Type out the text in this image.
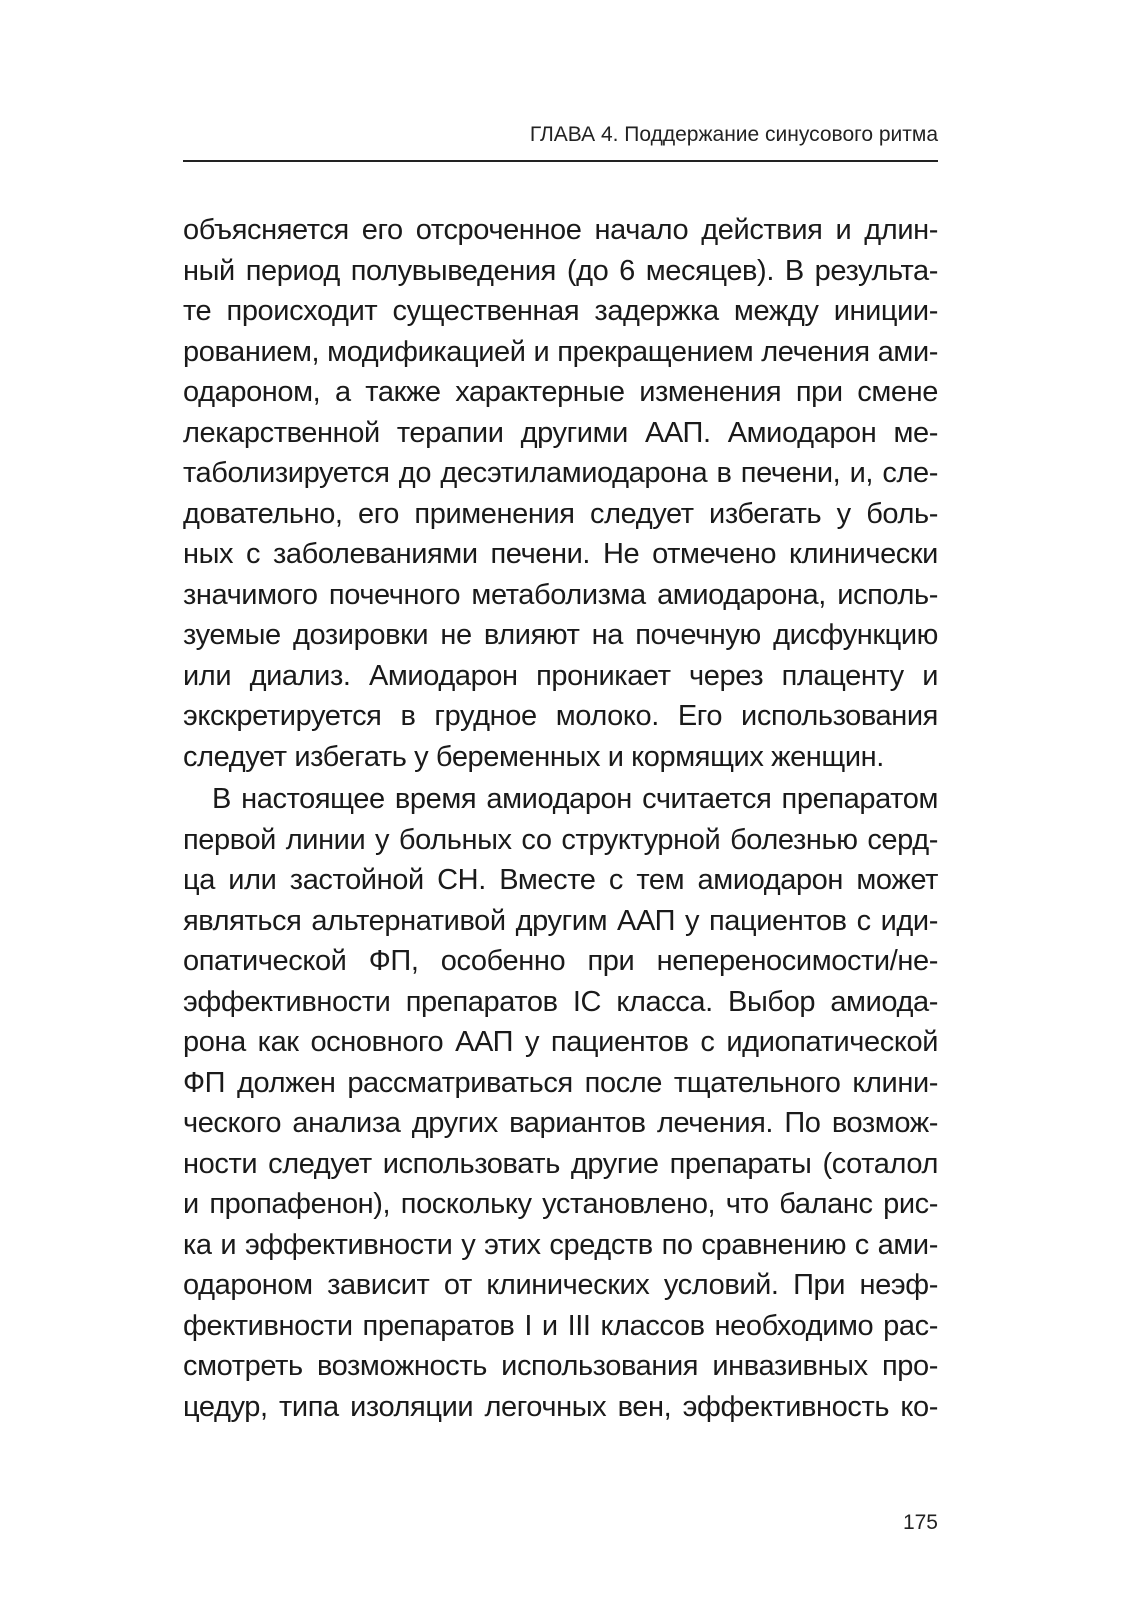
ГЛАВА 4. Поддержание синусового ритма
объясняется его отсроченное начало действия и длин-
ный период полувыведения (до 6 месяцев). В результа-
те происходит существенная задержка между иниции-
рованием, модификацией и прекращением лечения ами-
одароном, а также характерные изменения при смене
лекарственной терапии другими ААП. Амиодарон ме-
таболизируется до десэтиламиодарона в печени, и, сле-
довательно, его применения следует избегать у боль-
ных с заболеваниями печени. Не отмечено клинически
значимого почечного метаболизма амиодарона, исполь-
зуемые дозировки не влияют на почечную дисфункцию
или диализ. Амиодарон проникает через плаценту и
экскретируется в грудное молоко. Его использования
следует избегать у беременных и кормящих женщин.
В настоящее время амиодарон считается препаратом
первой линии у больных со структурной болезнью серд-
ца или застойной СН. Вместе с тем амиодарон может
являться альтернативой другим ААП у пациентов с иди-
опатической ФП, особенно при непереносимости/не-
эффективности препаратов IC класса. Выбор амиода-
рона как основного ААП у пациентов с идиопатической
ФП должен рассматриваться после тщательного клини-
ческого анализа других вариантов лечения. По возмож-
ности следует использовать другие препараты (соталол
и пропафенон), поскольку установлено, что баланс рис-
ка и эффективности у этих средств по сравнению с ами-
одароном зависит от клинических условий. При неэф-
фективности препаратов I и III классов необходимо рас-
смотреть возможность использования инвазивных про-
цедур, типа изоляции легочных вен, эффективность ко-
175
